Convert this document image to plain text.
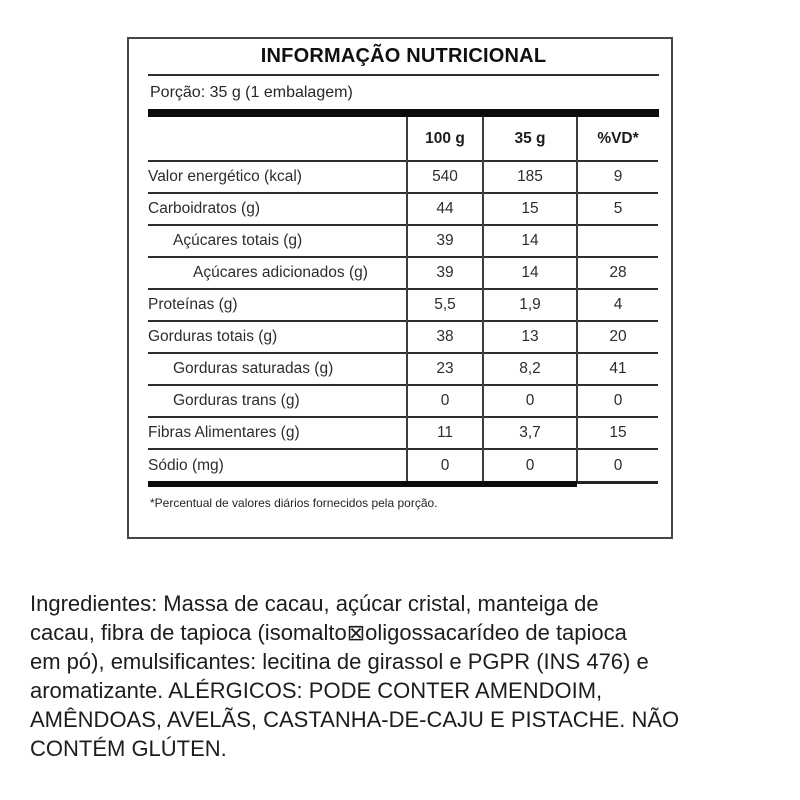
INFORMAÇÃO NUTRICIONAL
Porção: 35 g (1 embalagem)
	100 g	35 g	%VD*
Valor energético (kcal)	540	185	9
Carboidratos (g)	44	15	5
Açúcares totais (g)	39	14	
Açúcares adicionados (g)	39	14	28
Proteínas (g)	5,5	1,9	4
Gorduras totais (g)	38	13	20
Gorduras saturadas (g)	23	8,2	41
Gorduras trans (g)	0	0	0
Fibras Alimentares (g)	11	3,7	15
Sódio (mg)	0	0	0
*Percentual de valores diários fornecidos pela porção.
Ingredientes: Massa de cacau, açúcar cristal, manteiga de
cacau, fibra de tapioca (isomalto⊠oligossacarídeo de tapioca
em pó), emulsificantes: lecitina de girassol e PGPR (INS 476) e
aromatizante. ALÉRGICOS: PODE CONTER AMENDOIM,
AMÊNDOAS, AVELÃS, CASTANHA-DE-CAJU E PISTACHE. NÃO
CONTÉM GLÚTEN.
